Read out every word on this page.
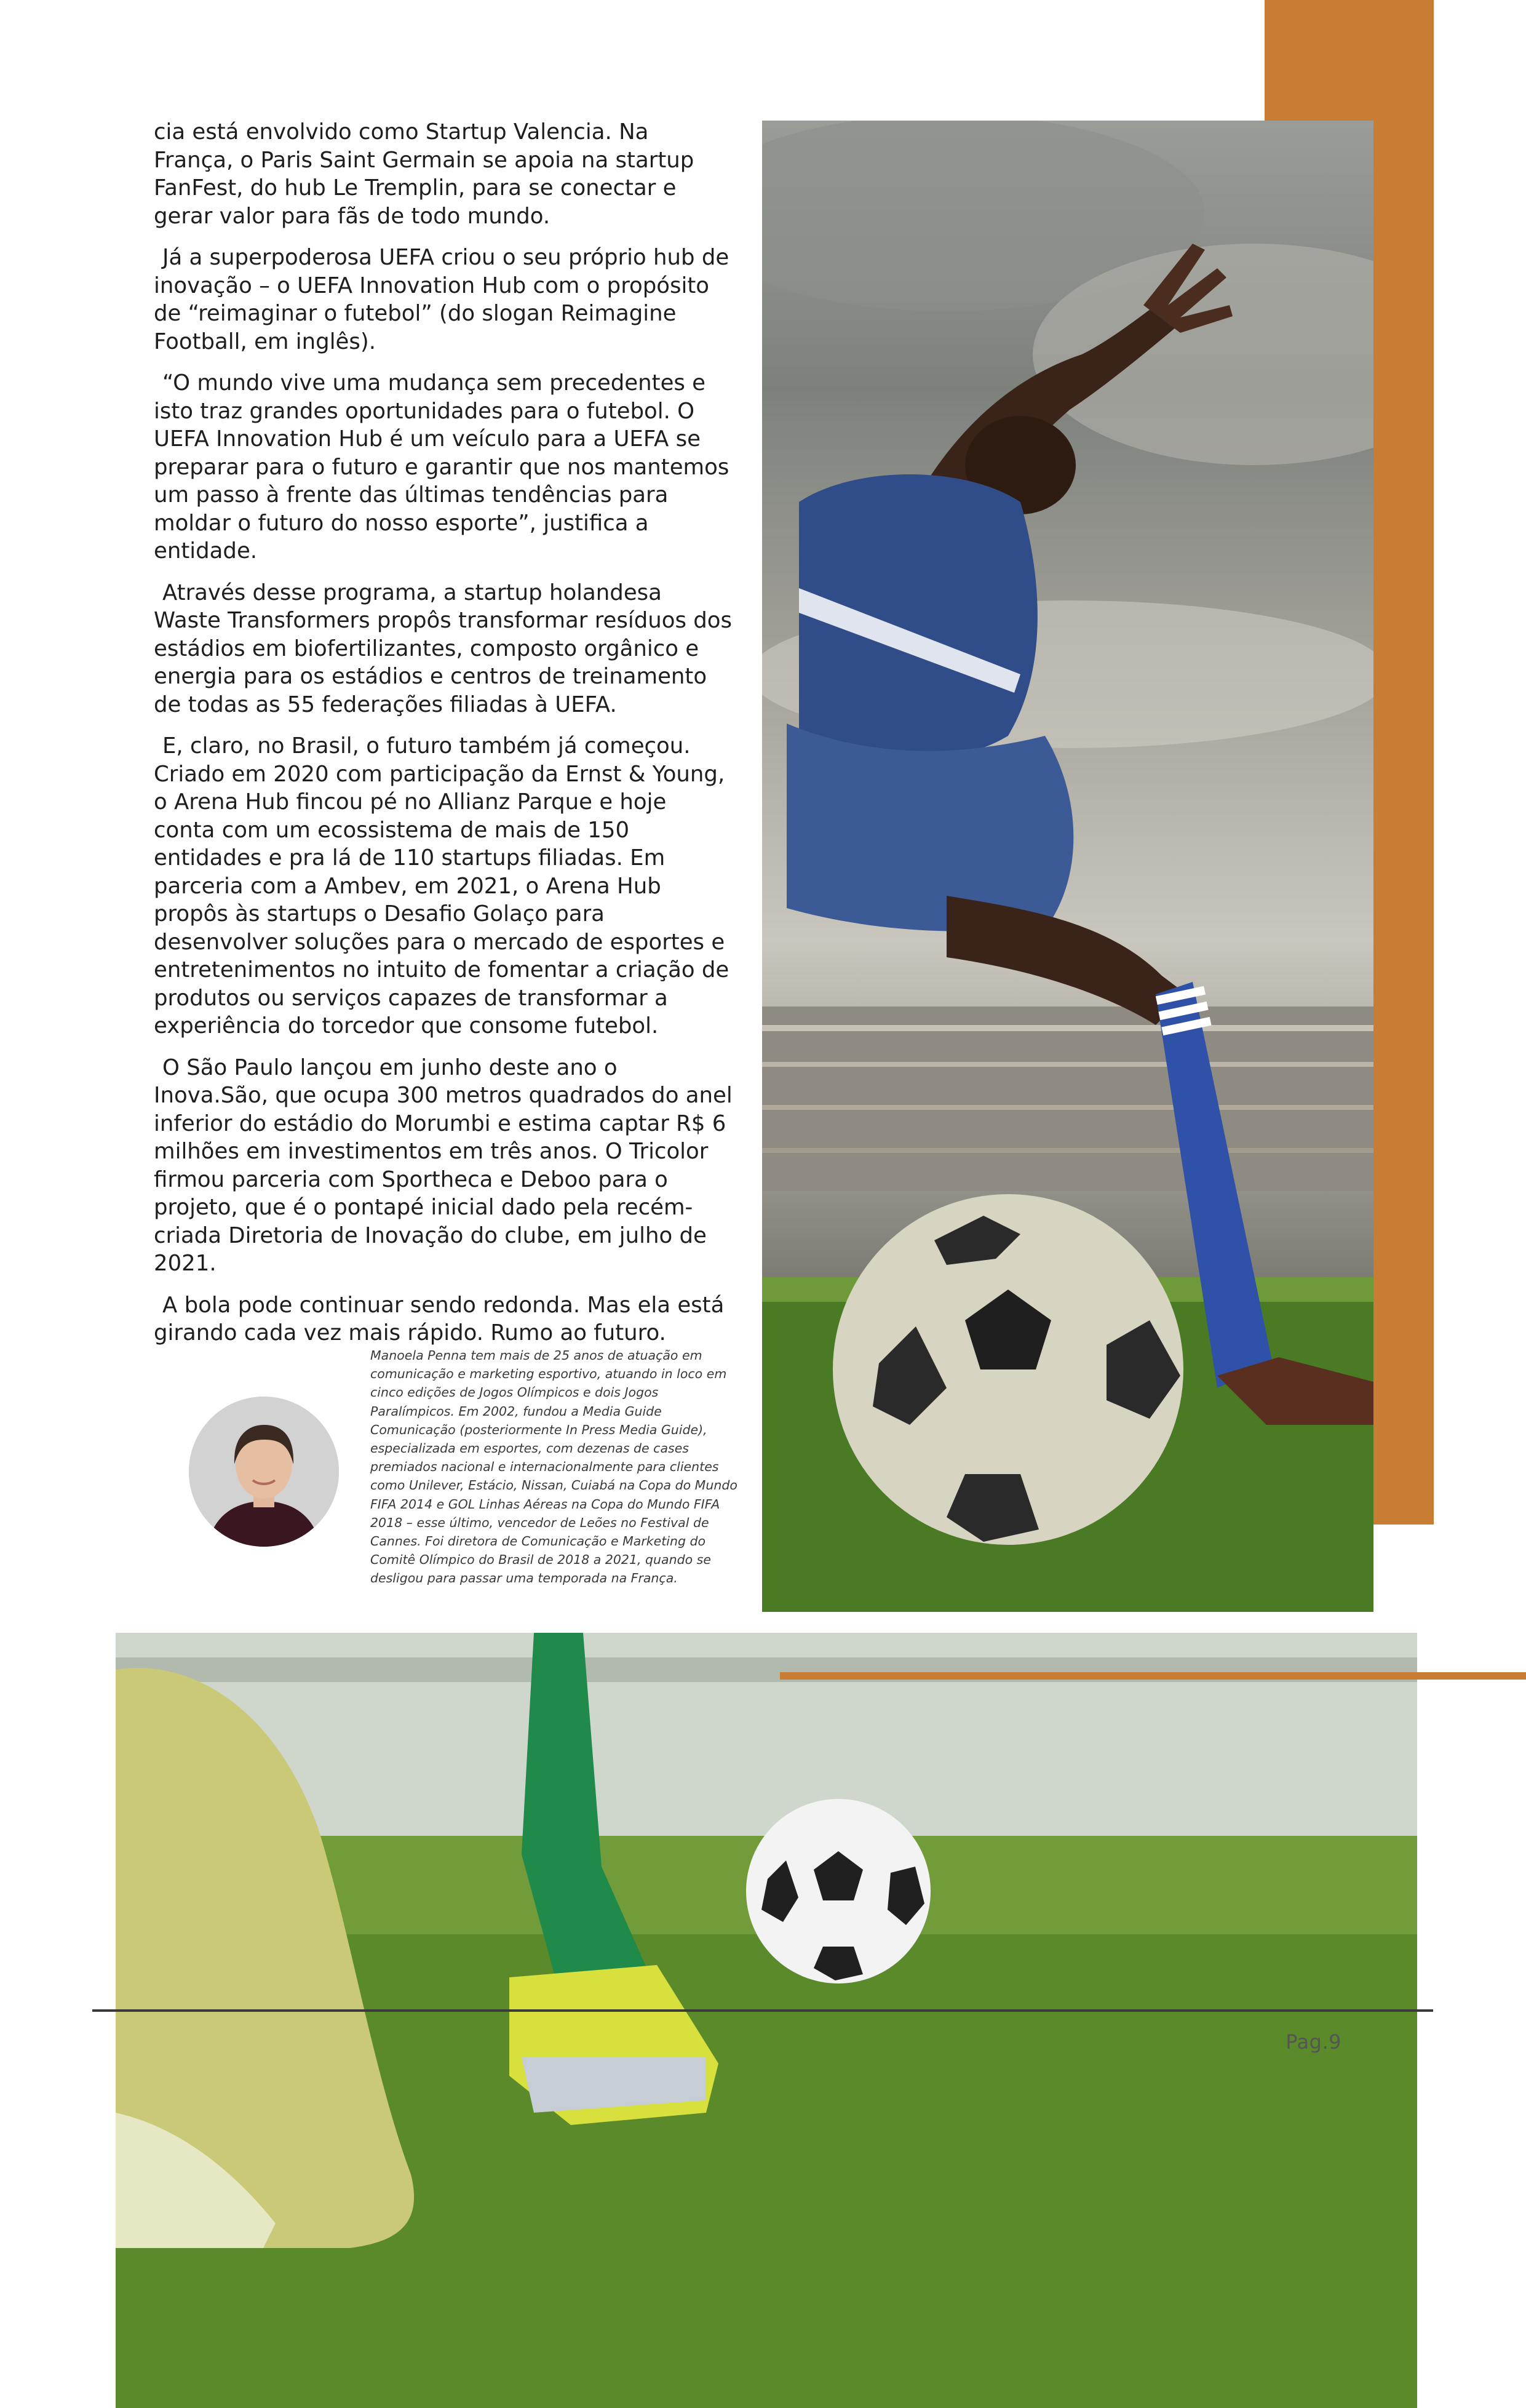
cia está envolvido como Startup Valencia. Na França, o Paris Saint Germain se apoia na startup FanFest, do hub Le Tremplin, para se conectar e gerar valor para fãs de todo mundo.

Já a superpoderosa UEFA criou o seu próprio hub de inovação – o UEFA Innovation Hub com o propósito de “reimaginar o futebol” (do slogan Reimagine Football, em inglês).

“O mundo vive uma mudança sem precedentes e isto traz grandes oportunidades para o futebol. O UEFA Innovation Hub é um veículo para a UEFA se preparar para o futuro e garantir que nos mantemos um passo à frente das últimas tendências para moldar o futuro do nosso esporte”, justifica a entidade.

Através desse programa, a startup holandesa Waste Transformers propôs transformar resíduos dos estádios em biofertilizantes, composto orgânico e energia para os estádios e centros de treinamento de todas as 55 federações filiadas à UEFA.

E, claro, no Brasil, o futuro também já começou. Criado em 2020 com participação da Ernst & Young, o Arena Hub fincou pé no Allianz Parque e hoje conta com um ecossistema de mais de 150 entidades e pra lá de 110 startups filiadas. Em parceria com a Ambev, em 2021, o Arena Hub propôs às startups o Desafio Golaço para desenvolver soluções para o mercado de esportes e entretenimentos no intuito de fomentar a criação de produtos ou serviços capazes de transformar a experiência do torcedor que consome futebol.

O São Paulo lançou em junho deste ano o Inova.São, que ocupa 300 metros quadrados do anel inferior do estádio do Morumbi e estima captar R$ 6 milhões em investimentos em três anos. O Tricolor firmou parceria com Sportheca e Deboo para o projeto, que é o pontapé inicial dado pela recém-criada Diretoria de Inovação do clube, em julho de 2021.

A bola pode continuar sendo redonda. Mas ela está girando cada vez mais rápido. Rumo ao futuro.

Manoela Penna tem mais de 25 anos de atuação em comunicação e marketing esportivo, atuando in loco em cinco edições de Jogos Olímpicos e dois Jogos Paralímpicos. Em 2002, fundou a Media Guide Comunicação (posteriormente In Press Media Guide), especializada em esportes, com dezenas de cases premiados nacional e internacionalmente para clientes como Unilever, Estácio, Nissan, Cuiabá na Copa do Mundo FIFA 2014 e GOL Linhas Aéreas na Copa do Mundo FIFA 2018 – esse último, vencedor de Leões no Festival de Cannes. Foi diretora de Comunicação e Marketing do Comitê Olímpico do Brasil de 2018 a 2021, quando se desligou para passar uma temporada na França.
Pag.9
